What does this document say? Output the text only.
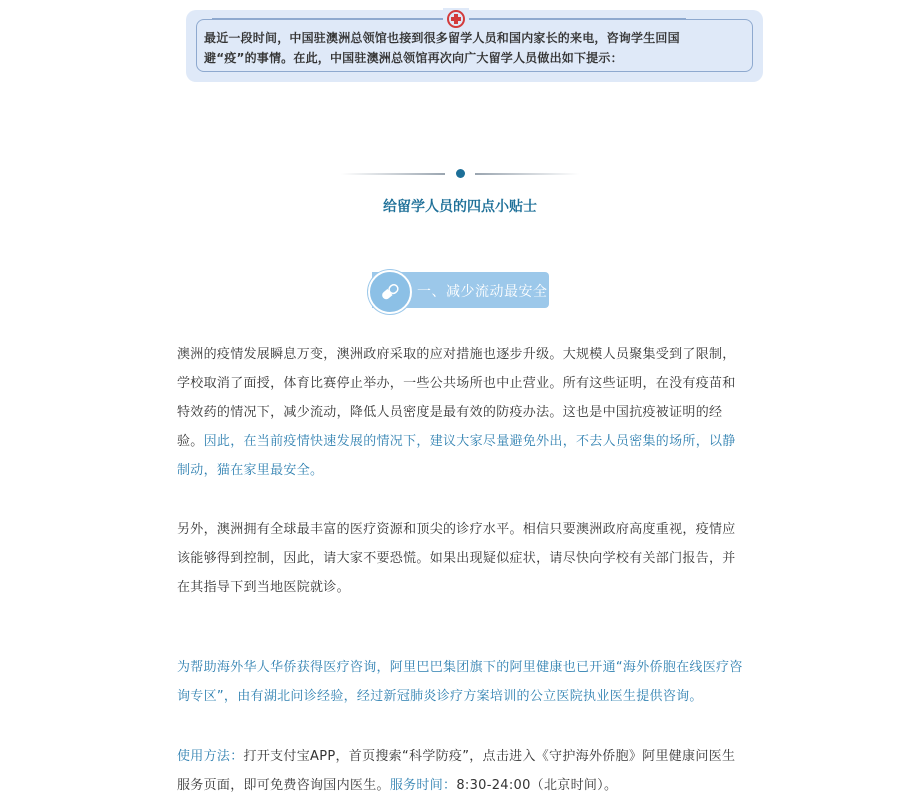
最近一段时间，中国驻澳洲总领馆也接到很多留学人员和国内家长的来电，咨询学生回国避“疫”的事情。在此，中国驻澳洲总领馆再次向广大留学人员做出如下提示：
给留学人员的四点小贴士
一、减少流动最安全
澳洲的疫情发展瞬息万变，澳洲政府采取的应对措施也逐步升级。大规模人员聚集受到了限制，学校取消了面授，体育比赛停止举办，一些公共场所也中止营业。所有这些证明，在没有疫苗和特效药的情况下，减少流动，降低人员密度是最有效的防疫办法。这也是中国抗疫被证明的经验。因此，在当前疫情快速发展的情况下，建议大家尽量避免外出，不去人员密集的场所，以静制动，猫在家里最安全。
另外，澳洲拥有全球最丰富的医疗资源和顶尖的诊疗水平。相信只要澳洲政府高度重视，疫情应该能够得到控制，因此，请大家不要恐慌。如果出现疑似症状，请尽快向学校有关部门报告，并在其指导下到当地医院就诊。
为帮助海外华人华侨获得医疗咨询，阿里巴巴集团旗下的阿里健康也已开通“海外侨胞在线医疗咨询专区”，由有湖北问诊经验，经过新冠肺炎诊疗方案培训的公立医院执业医生提供咨询。
使用方法：打开支付宝APP，首页搜索“科学防疫”，点击进入《守护海外侨胞》阿里健康问医生服务页面，即可免费咨询国内医生。服务时间：8:30-24:00（北京时间）。
